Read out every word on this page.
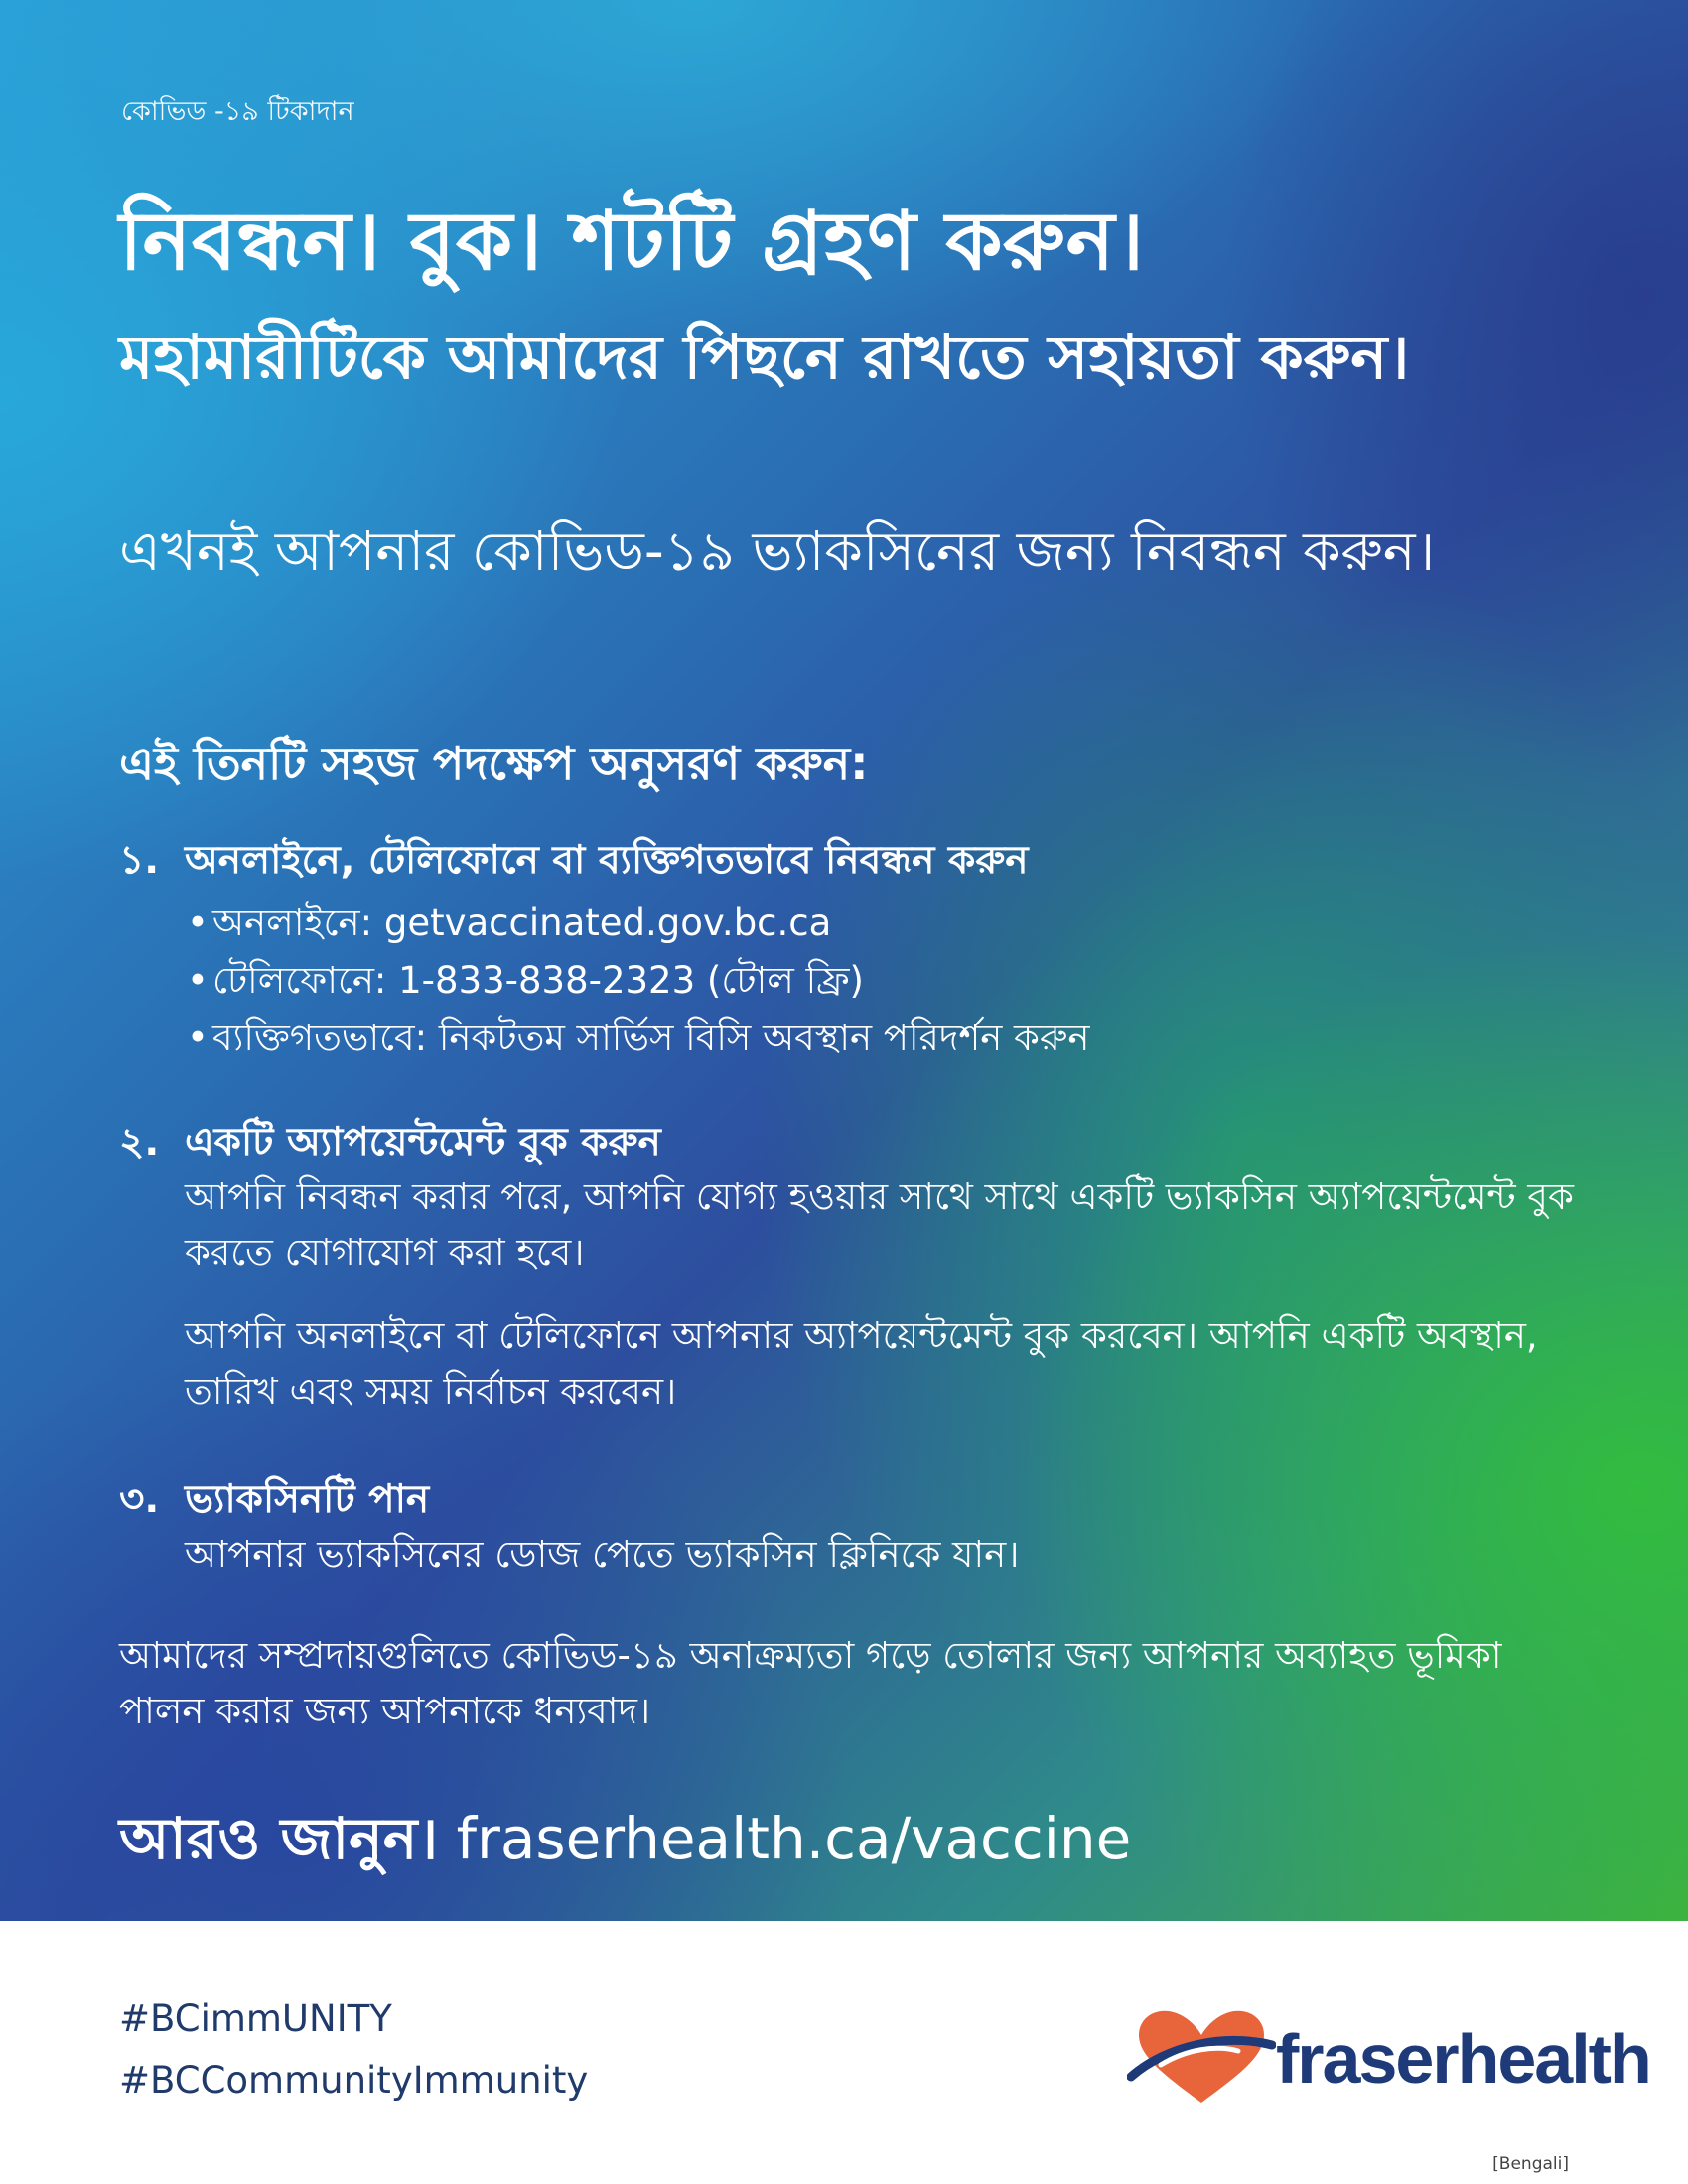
কোভিড -১৯ টিকাদান

নিবন্ধন। বুক। শটটি গ্রহণ করুন।
মহামারীটিকে আমাদের পিছনে রাখতে সহায়তা করুন।

এখনই আপনার কোভিড-১৯ ভ্যাকসিনের জন্য নিবন্ধন করুন।

এই তিনটি সহজ পদক্ষেপ অনুসরণ করুন:

১. অনলাইনে, টেলিফোনে বা ব্যক্তিগতভাবে নিবন্ধন করুন
• অনলাইনে: getvaccinated.gov.bc.ca
• টেলিফোনে: 1-833-838-2323 (টোল ফ্রি)
• ব্যক্তিগতভাবে: নিকটতম সার্ভিস বিসি অবস্থান পরিদর্শন করুন
২. একটি অ্যাপয়েন্টমেন্ট বুক করুন

আপনি নিবন্ধন করার পরে, আপনি যোগ্য হওয়ার সাথে সাথে একটি ভ্যাকসিন অ্যাপয়েন্টমেন্ট বুক করতে যোগাযোগ করা হবে।

আপনি অনলাইনে বা টেলিফোনে আপনার অ্যাপয়েন্টমেন্ট বুক করবেন। আপনি একটি অবস্থান, তারিখ এবং সময় নির্বাচন করবেন।

৩. ভ্যাকসিনটি পান

আপনার ভ্যাকসিনের ডোজ পেতে ভ্যাকসিন ক্লিনিকে যান।

আমাদের সম্প্রদায়গুলিতে কোভিড-১৯ অনাক্রম্যতা গড়ে তোলার জন্য আপনার অব্যাহত ভূমিকা পালন করার জন্য আপনাকে ধন্যবাদ।

আরও জানুন। fraserhealth.ca/vaccine

#BCimmUNITY

#BCCommunityImmunity	fraserhealth

[Bengali]
